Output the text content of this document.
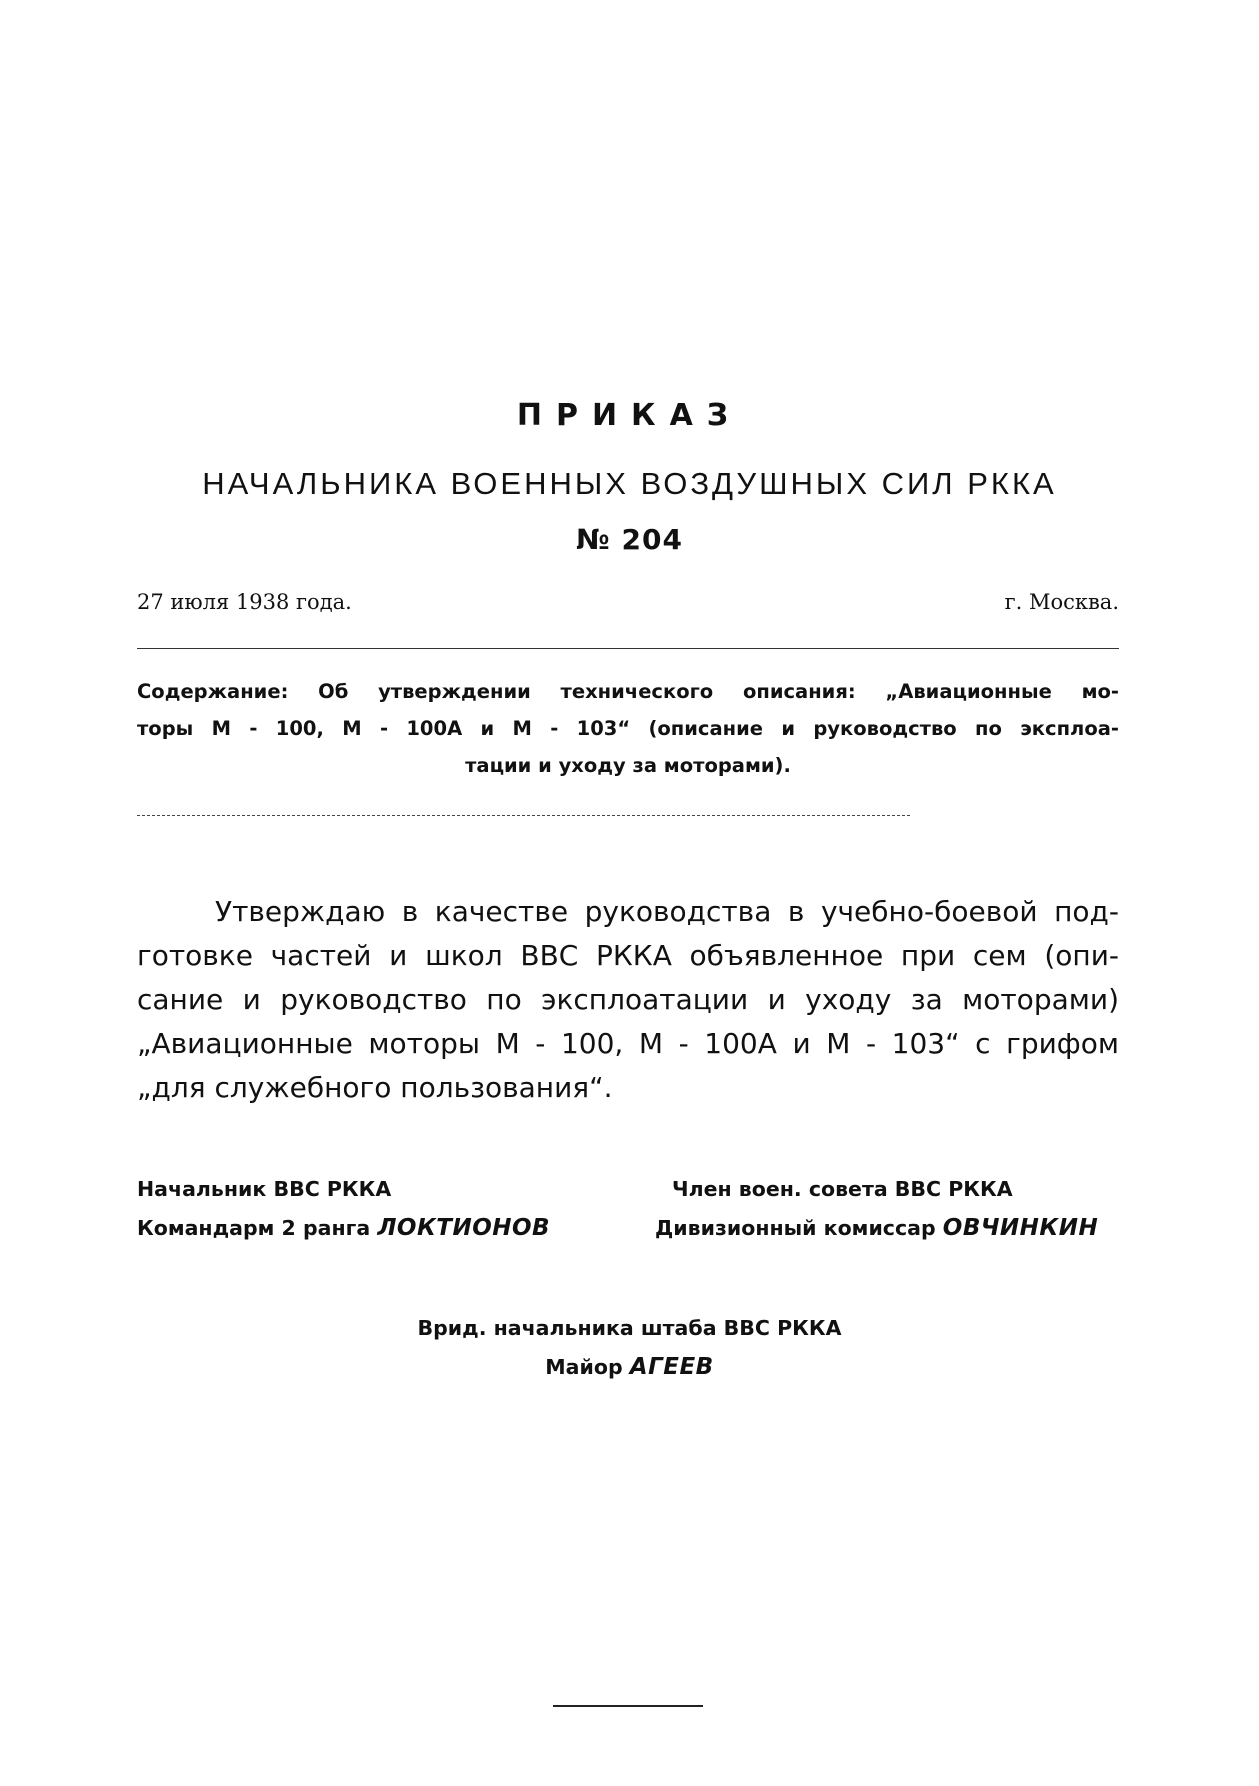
ПРИКАЗ
НАЧАЛЬНИКА ВОЕННЫХ ВОЗДУШНЫХ СИЛ РККА
№ 204
27 июля 1938 года.	г. Москва.
Содержание: Об утверждении технического описания: „Авиационные мо-
торы М - 100, М - 100А и М - 103“ (описание и руководство по эксплоа-
тации и уходу за моторами).
Утверждаю в качестве руководства в учебно-боевой под-
готовке частей и школ ВВС РККА объявленное при сем (опи-
сание и руководство по эксплоатации и уходу за моторами)
„Авиационные моторы М - 100, М - 100А и М - 103“ с грифом
„для служебного пользования“.
Начальник ВВС РККА
Командарм 2 ранга ЛОКТИОНОВ
Член воен. совета ВВС РККА
Дивизионный комиссар ОВЧИНКИН
Врид. начальника штаба ВВС РККА
Майор АГЕЕВ
